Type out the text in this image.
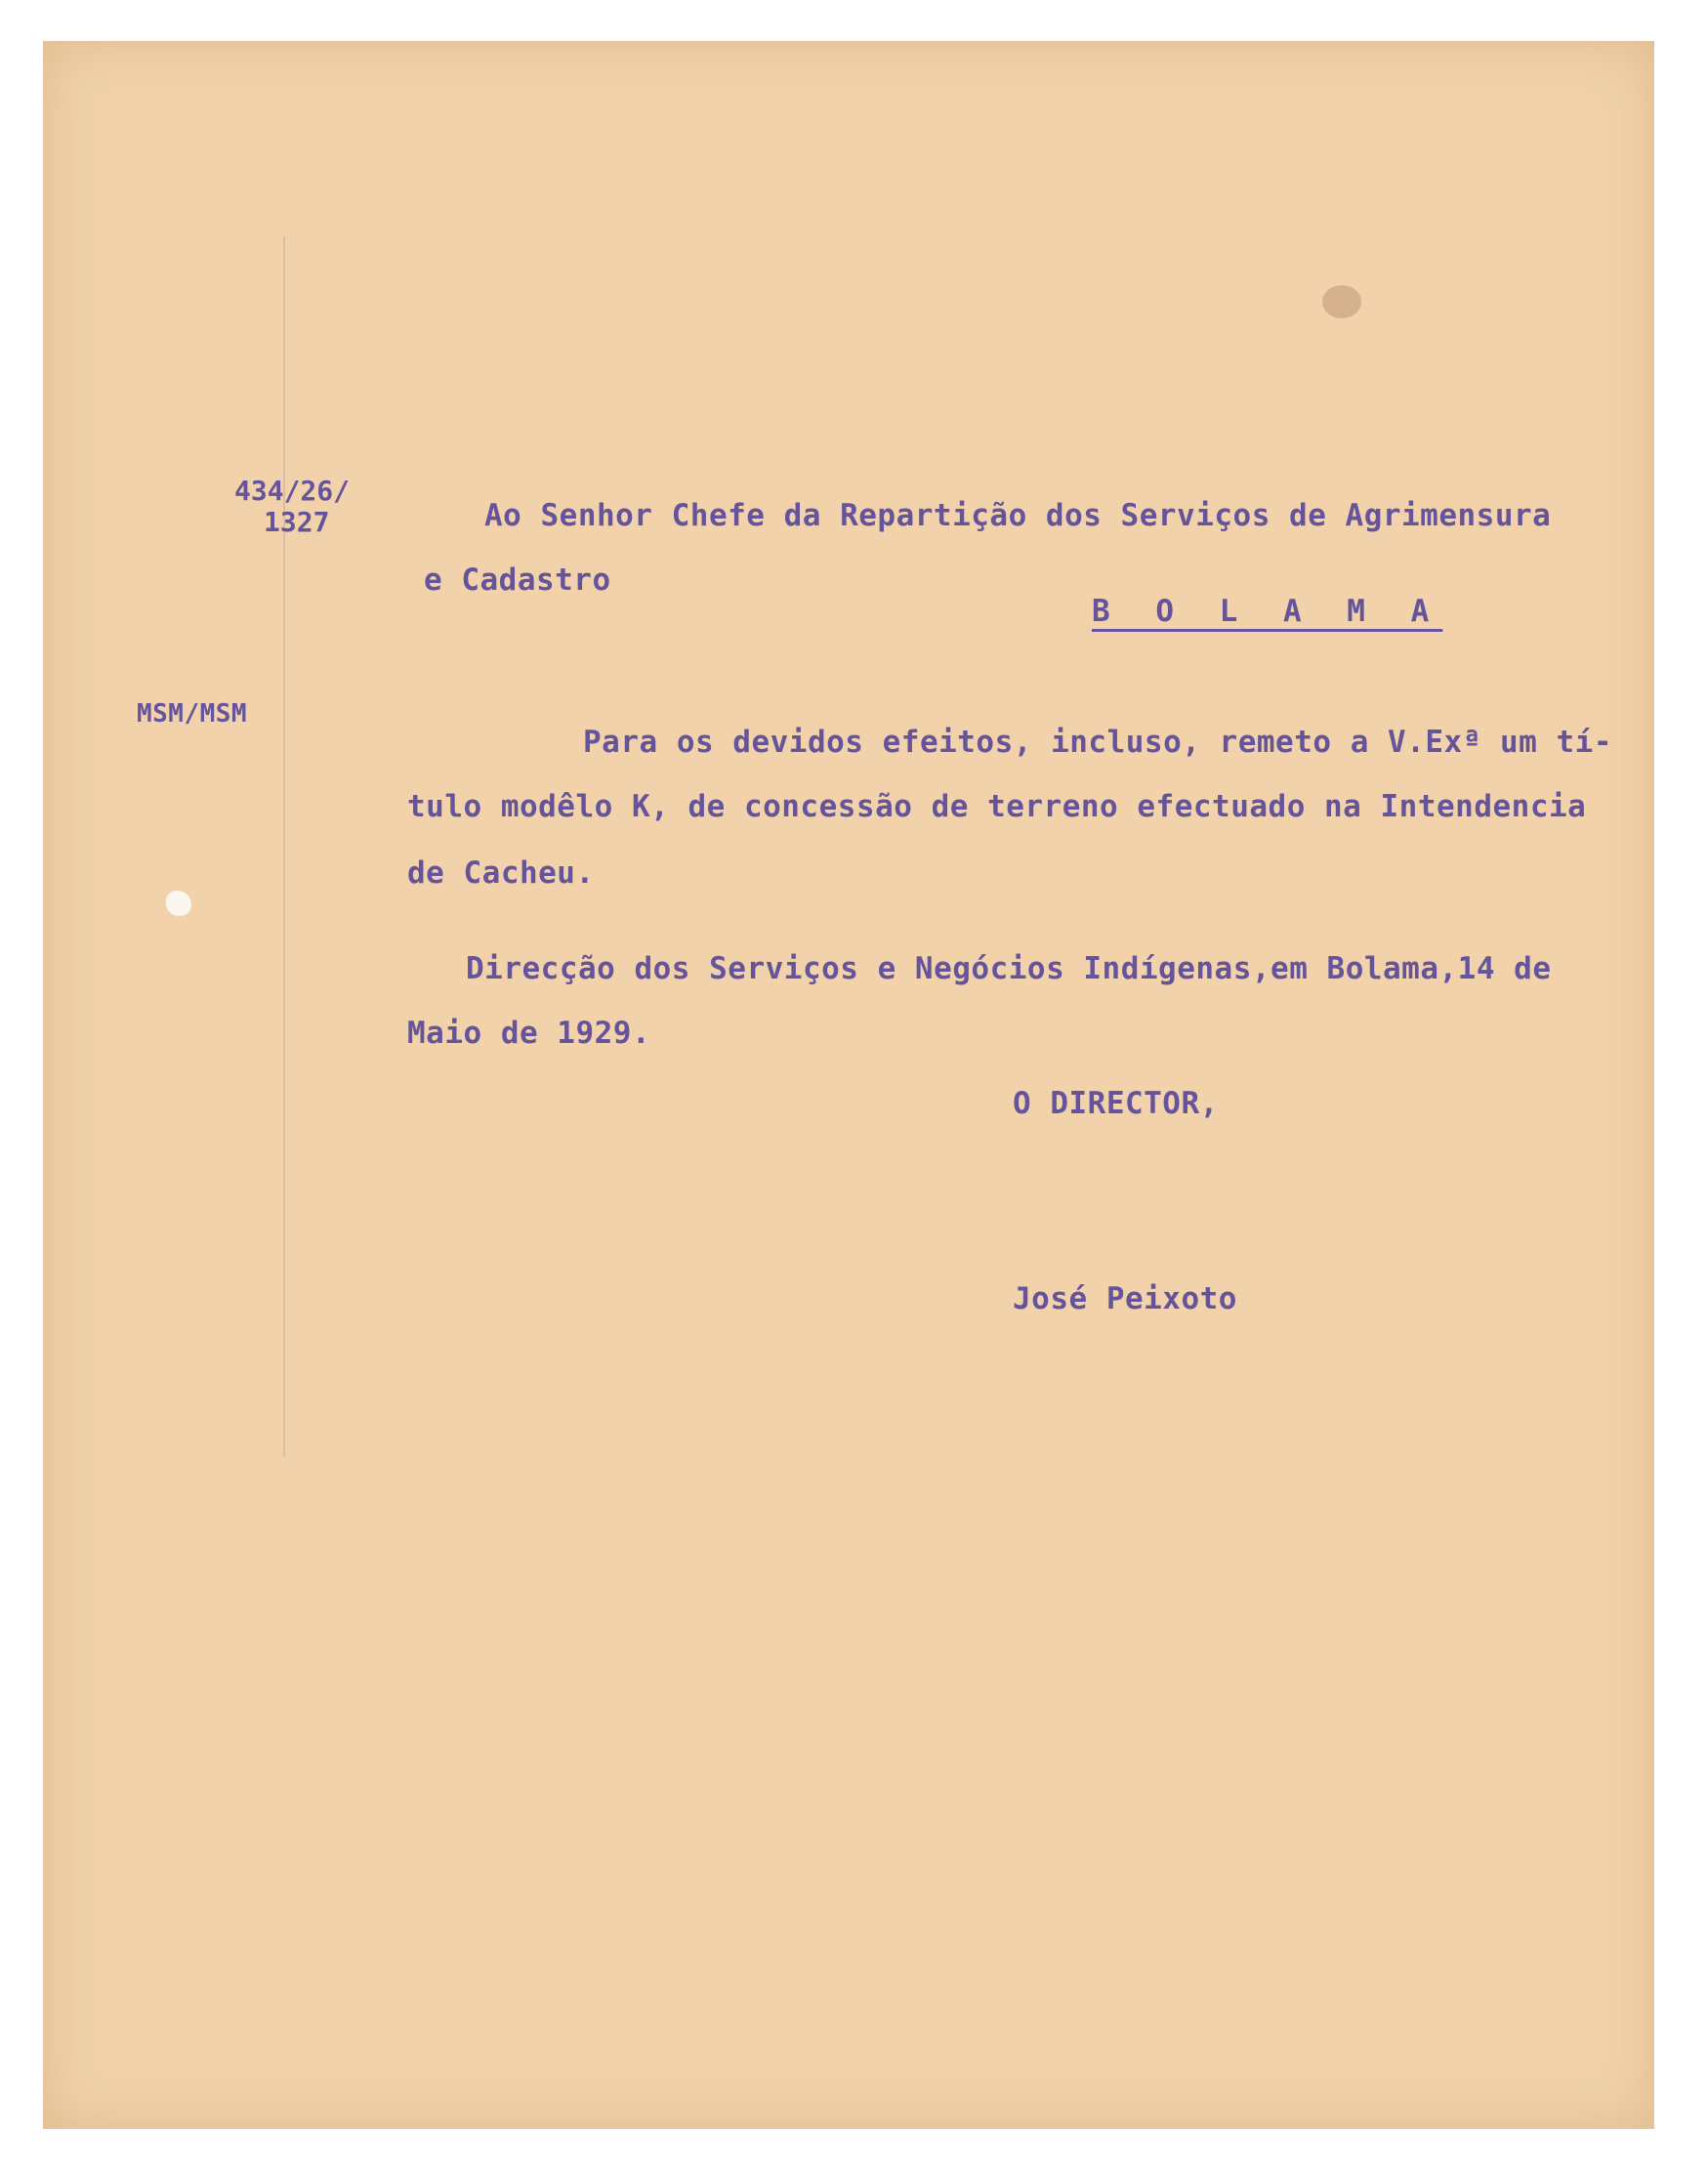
434/26/
1327
MSM/MSM
Ao Senhor Chefe da Repartição dos Serviços de Agrimensura
e Cadastro
B O L A M A
Para os devidos efeitos, incluso, remeto a V.Exª um tí-
tulo modêlo K, de concessão de terreno efectuado na Intendencia
de Cacheu.
Direcção dos Serviços e Negócios Indígenas,em Bolama,14 de
Maio de 1929.
O DIRECTOR,
José Peixoto
